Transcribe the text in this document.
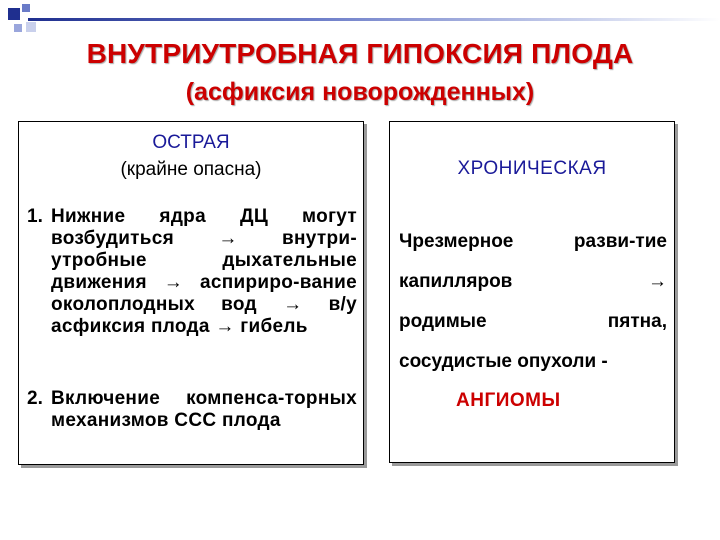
ВНУТРИУТРОБНАЯ ГИПОКСИЯ ПЛОДА
(асфиксия новорожденных)
ОСТРАЯ
(крайне опасна)
1. Нижние ядра ДЦ могут возбудиться → внутри-утробные дыхательные движения → аспириро-вание околоплодных вод → в/у асфиксия плода → гибель
2. Включение компенса-торных механизмов ССС плода
ХРОНИЧЕСКАЯ
Чрезмерное разви-тие
капилляров →
родимые пятна,
сосудистые опухоли -
АНГИОМЫ
